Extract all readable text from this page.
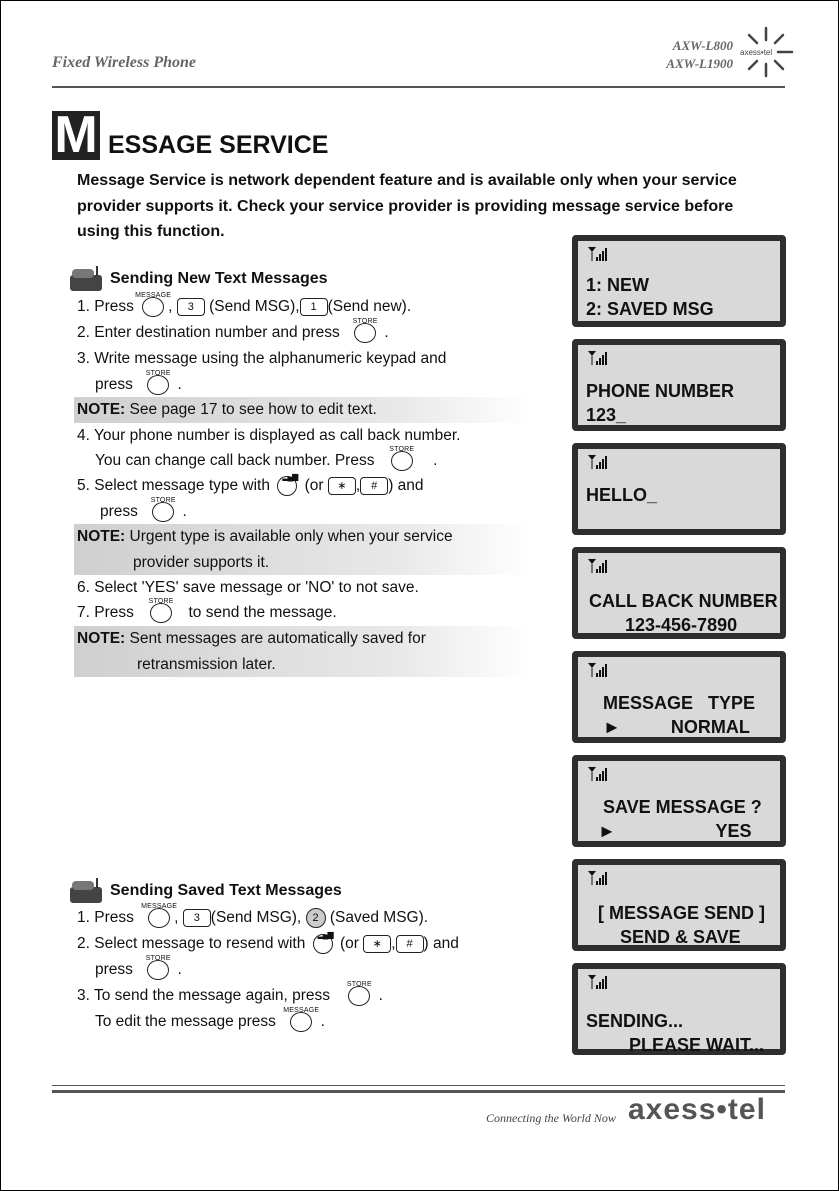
Fixed Wireless Phone
AXW-L800
AXW-L1900
axess•tel
M ESSAGE SERVICE
Message Service is network dependent feature and is available only when your service provider supports it. Check your service provider is providing message service before using this function.
Sending New Text Messages
1. Press
MESSAGE
, 3 (Send MSG), 1 (Send new).
2. Enter destination number and press
STORE
.
3. Write message using the alphanumeric keypad and
press
STORE
.
NOTE: See page 17 to see how to edit text.
4. Your phone number is displayed as call back number.
You can change call back number. Press
STORE
.
5. Select message type with
▂▄▆
(or ∗ , # ) and
press
STORE
.
NOTE: Urgent type is available only when your service
provider supports it.
6. Select 'YES' save message or 'NO' to not save.
7. Press
STORE
to send the message.
NOTE: Sent messages are automatically saved for
retransmission later.
Sending Saved Text Messages
1. Press
MESSAGE
, 3 (Send MSG), 2 (Saved MSG).
2. Select message to resend with
▂▄▆
(or ∗ , # ) and
press
STORE
.
3. To send the message again, press
STORE
.
To edit the message press
MESSAGE
.
1: NEW
2: SAVED MSG
PHONE NUMBER
123_
HELLO_
CALL BACK NUMBER
123-456-7890
MESSAGE   TYPE
►          NORMAL
SAVE MESSAGE ?
►                    YES
[ MESSAGE SEND ]
SEND & SAVE
SENDING...
PLEASE WAIT...
Connecting the World Now axess•tel
